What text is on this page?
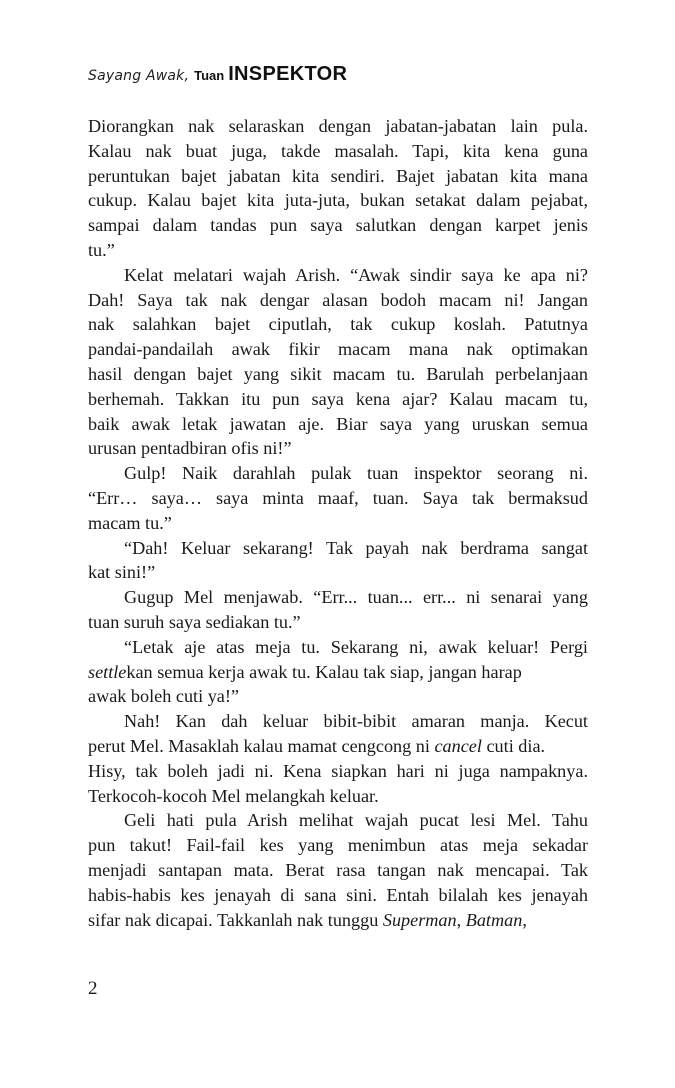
Sayang Awak, Tuan INSPEKTOR
Diorangkan nak selaraskan dengan jabatan-jabatan lain pula.
Kalau nak buat juga, takde masalah. Tapi, kita kena guna
peruntukan bajet jabatan kita sendiri. Bajet jabatan kita mana
cukup. Kalau bajet kita juta-juta, bukan setakat dalam pejabat,
sampai dalam tandas pun saya salutkan dengan karpet jenis
tu.”
Kelat melatari wajah Arish. “Awak sindir saya ke apa ni?
Dah! Saya tak nak dengar alasan bodoh macam ni! Jangan
nak salahkan bajet ciputlah, tak cukup koslah. Patutnya
pandai-pandailah awak fikir macam mana nak optimakan
hasil dengan bajet yang sikit macam tu. Barulah perbelanjaan
berhemah. Takkan itu pun saya kena ajar? Kalau macam tu,
baik awak letak jawatan aje. Biar saya yang uruskan semua
urusan pentadbiran ofis ni!”
Gulp! Naik darahlah pulak tuan inspektor seorang ni.
“Err… saya… saya minta maaf, tuan. Saya tak bermaksud
macam tu.”
“Dah! Keluar sekarang! Tak payah nak berdrama sangat
kat sini!”
Gugup Mel menjawab. “Err... tuan... err... ni senarai yang
tuan suruh saya sediakan tu.”
“Letak aje atas meja tu. Sekarang ni, awak keluar! Pergi
settlekan semua kerja awak tu. Kalau tak siap, jangan harap
awak boleh cuti ya!”
Nah! Kan dah keluar bibit-bibit amaran manja. Kecut
perut Mel. Masaklah kalau mamat cengcong ni cancel cuti dia.
Hisy, tak boleh jadi ni. Kena siapkan hari ni juga nampaknya.
Terkocoh-kocoh Mel melangkah keluar.
Geli hati pula Arish melihat wajah pucat lesi Mel. Tahu
pun takut! Fail-fail kes yang menimbun atas meja sekadar
menjadi santapan mata. Berat rasa tangan nak mencapai. Tak
habis-habis kes jenayah di sana sini. Entah bilalah kes jenayah
sifar nak dicapai. Takkanlah nak tunggu Superman, Batman,
2
